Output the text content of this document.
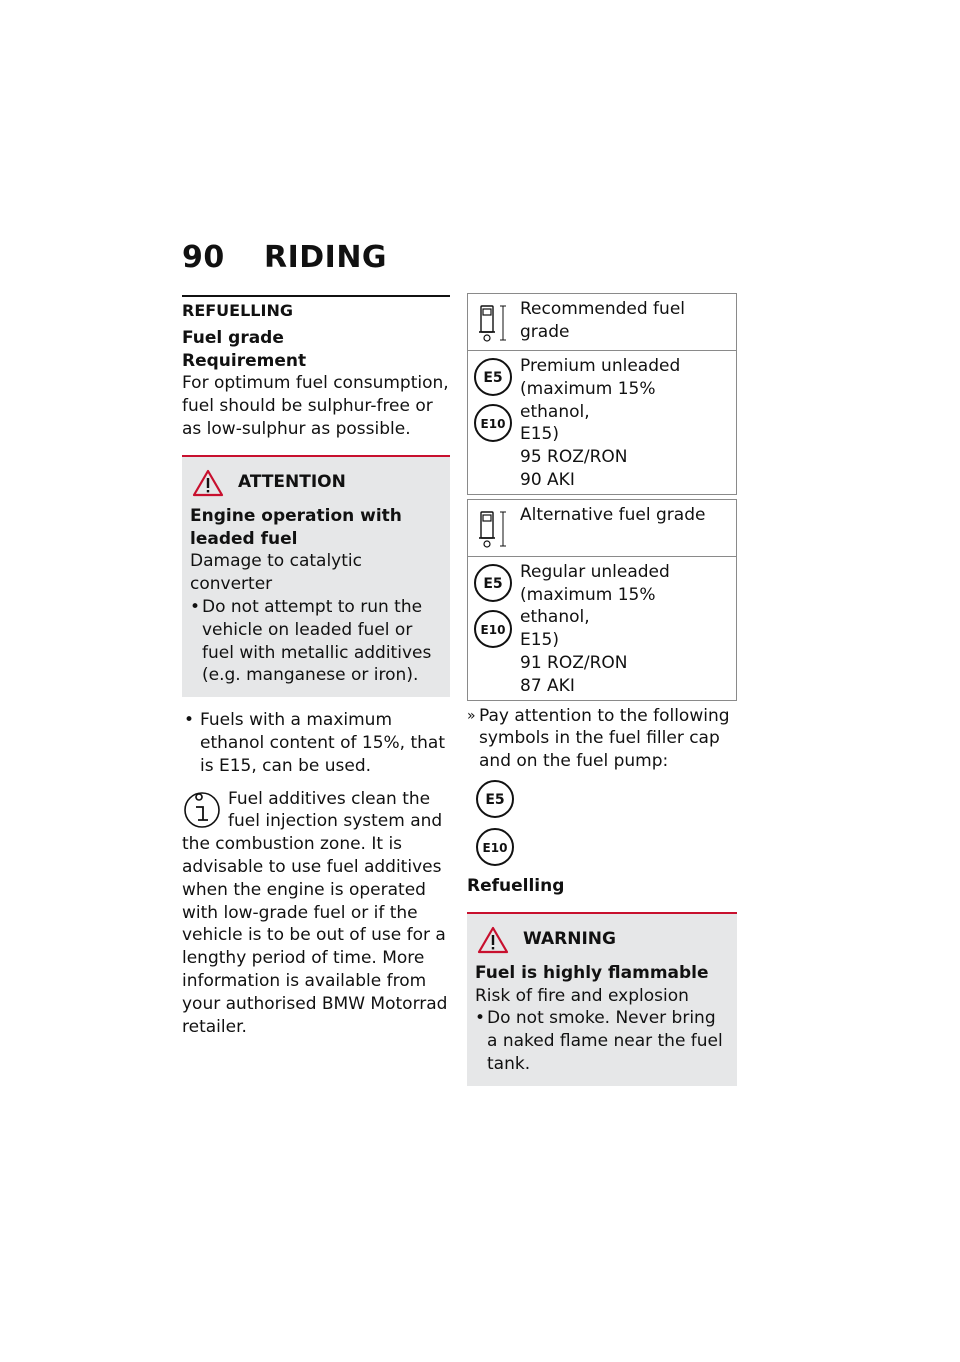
90 RIDING
REFUELLING
Fuel grade
Requirement

For optimum fuel consumption, fuel should be sulphur-free or as low-sulphur as possible.

ATTENTION
Engine operation with leaded fuel
Damage to catalytic converter
• Do not attempt to run the vehicle on leaded fuel or fuel with metallic additives (e.g. manganese or iron).
• Fuels with a maximum ethanol content of 15%, that is E15, can be used.

Fuel additives clean the fuel injection system and the combustion zone. It is advisable to use fuel additives when the engine is operated with low-grade fuel or if the vehicle is to be out of use for a lengthy period of time. More information is available from your authorised BMW Motorrad retailer.

Recommended fuel grade
E5
E10
Premium unleaded
(maximum 15% ethanol,
E15)
95 ROZ/RON
90 AKI
Alternative fuel grade
E5
E10
Regular unleaded
(maximum 15% ethanol,
E15)
91 ROZ/RON
87 AKI

» Pay attention to the following symbols in the fuel filler cap and on the fuel pump:

E5
E10
Refuelling
WARNING
Fuel is highly flammable
Risk of fire and explosion
• Do not smoke. Never bring a naked flame near the fuel tank.
